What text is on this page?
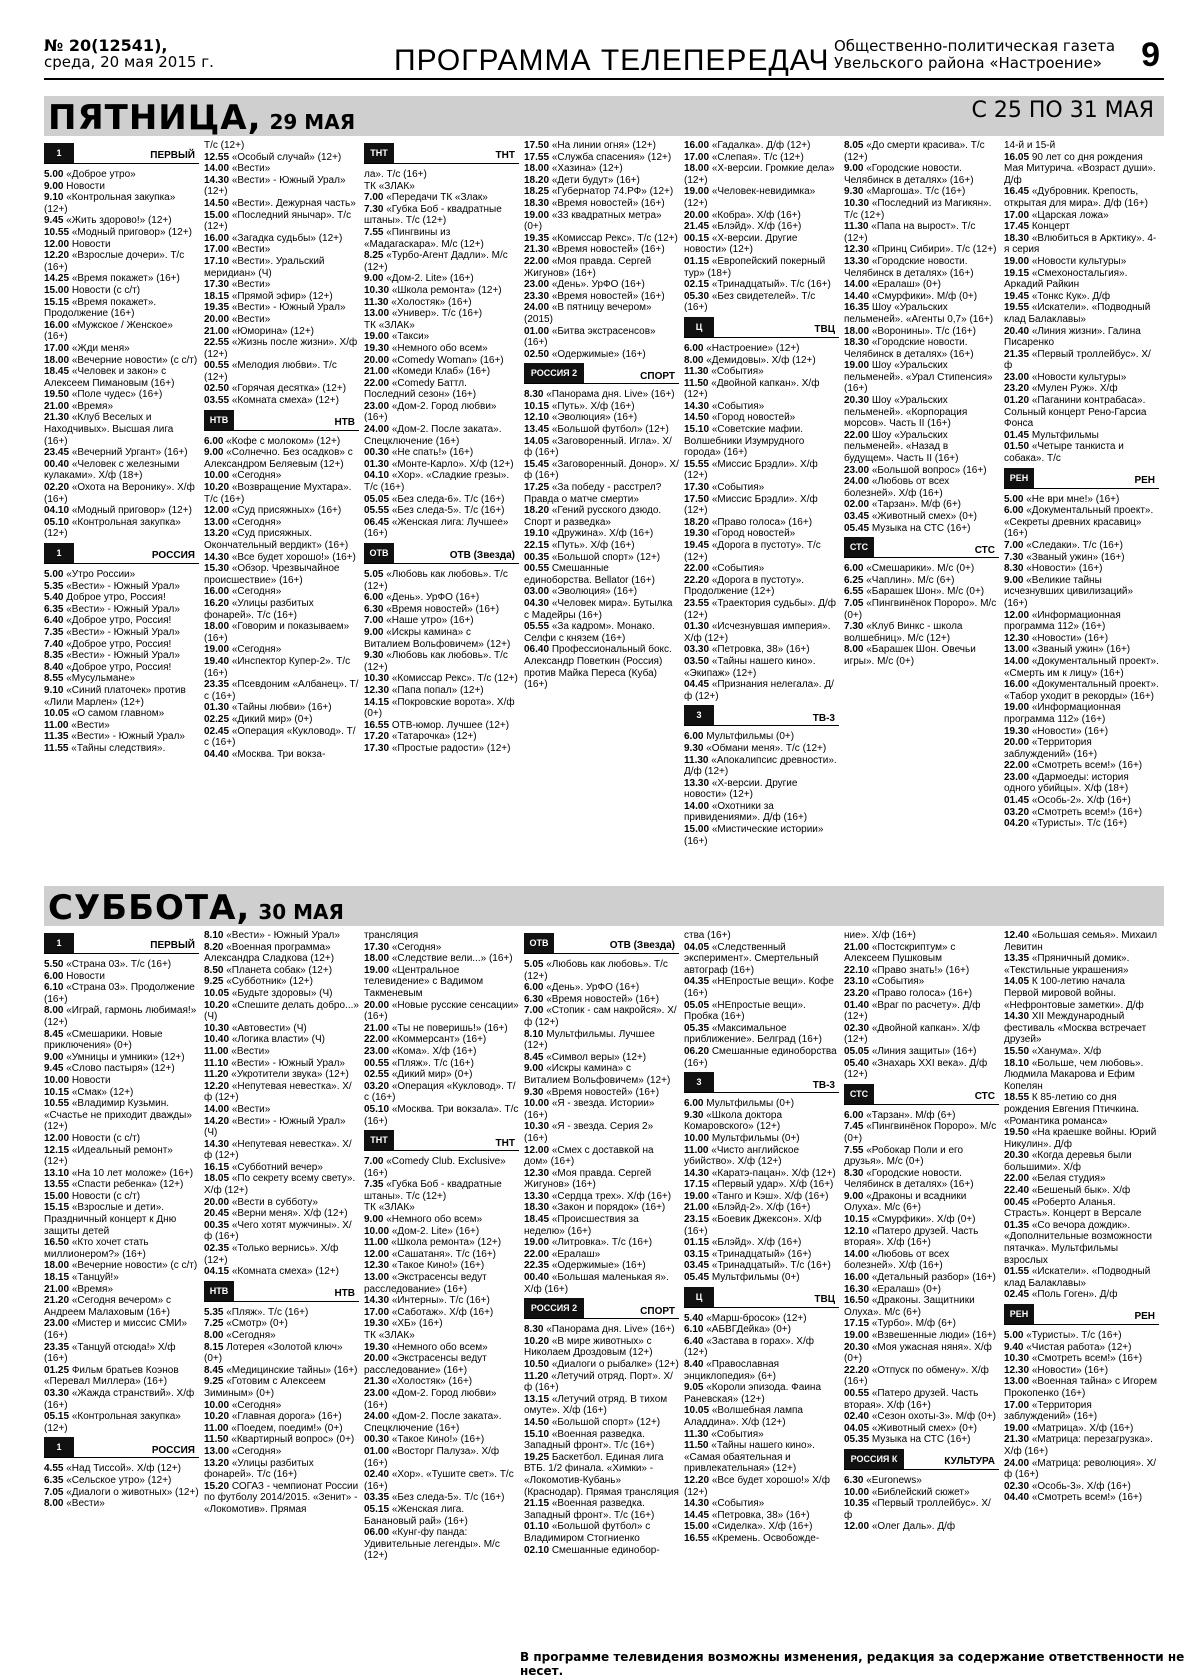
№ 20(12541),
среда, 20 мая 2015 г.	ПРОГРАММА ТЕЛЕПЕРЕДАЧ Общественно-политическая газета
Увельского района «Настроение»	9
ПЯТНИЦА, 29 МАЯ	С 25 ПО 31 МАЯ
1	ПЕРВЫЙ
5.00 «Доброе утро»
9.00 Новости
9.10 «Контрольная закупка» (12+)
9.45 «Жить здорово!» (12+)
10.55 «Модный приговор» (12+)
12.00 Новости
12.20 «Взрослые дочери». Т/с (16+)
14.25 «Время покажет» (16+)
15.00 Новости (с с/т)
15.15 «Время покажет». Продолжение (16+)
16.00 «Мужское / Женское» (16+)
17.00 «Жди меня»
18.00 «Вечерние новости» (с с/т)
18.45 «Человек и закон» с Алексеем Пимановым (16+)
19.50 «Поле чудес» (16+)
21.00 «Время»
21.30 «Клуб Веселых и Находчивых». Высшая лига (16+)
23.45 «Вечерний Ургант» (16+)
00.40 «Человек с железными кулаками». Х/ф (18+)
02.20 «Охота на Веронику». Х/ф (16+)
04.10 «Модный приговор» (12+)
05.10 «Контрольная закупка» (12+)
1	РОССИЯ
5.00 «Утро России»
5.35 «Вести» - Южный Урал»
5.40 Доброе утро, Россия!
6.35 «Вести» - Южный Урал»
6.40 «Доброе утро, Россия!
7.35 «Вести» - Южный Урал»
7.40 «Доброе утро, Россия!
8.35 «Вести» - Южный Урал»
8.40 «Доброе утро, Россия!
8.55 «Мусульмане»
9.10 «Синий платочек» против «Лили Марлен» (12+)
10.05 «О самом главном»
11.00 «Вести»
11.35 «Вести» - Южный Урал»
11.55 «Тайны следствия».
Т/с (12+)
12.55 «Особый случай» (12+)
14.00 «Вести»
14.30 «Вести» - Южный Урал» (12+)
14.50 «Вести». Дежурная часть»
15.00 «Последний янычар». Т/с (12+)
16.00 «Загадка судьбы» (12+)
17.00 «Вести»
17.10 «Вести». Уральский меридиан» (Ч)
17.30 «Вести»
18.15 «Прямой эфир» (12+)
19.35 «Вести» - Южный Урал»
20.00 «Вести»
21.00 «Юморина» (12+)
22.55 «Жизнь после жизни». Х/ф (12+)
00.55 «Мелодия любви». Т/с (12+)
02.50 «Горячая десятка» (12+)
03.55 «Комната смеха» (12+)
НТВ	НТВ
6.00 «Кофе с молоком» (12+)
9.00 «Солнечно. Без осадков» с Александром Беляевым (12+)
10.00 «Сегодня»
10.20 «Возвращение Мухтара». Т/с (16+)
12.00 «Суд присяжных» (16+)
13.00 «Сегодня»
13.20 «Суд присяжных. Окончательный вердикт» (16+)
14.30 «Все будет хорошо!» (16+)
15.30 «Обзор. Чрезвычайное происшествие» (16+)
16.00 «Сегодня»
16.20 «Улицы разбитых фонарей». Т/с (16+)
18.00 «Говорим и показываем» (16+)
19.00 «Сегодня»
19.40 «Инспектор Купер-2». Т/с (16+)
23.35 «Псевдоним «Албанец». Т/с (16+)
01.30 «Тайны любви» (16+)
02.25 «Дикий мир» (0+)
02.45 «Операция «Кукловод». Т/с (16+)
04.40 «Москва. Три вокза-
ТНТ	ТНТ
ла». Т/с (16+)
ТК «ЗЛАК»
7.00 «Передачи ТК «Злак»
7.30 «Губка Боб - квадратные штаны». Т/с (12+)
7.55 «Пингвины из «Мадагаскара». М/с (12+)
8.25 «Турбо-Агент Дадли». М/с (12+)
9.00 «Дом-2. Lite» (16+)
10.30 «Школа ремонта» (12+)
11.30 «Холостяк» (16+)
13.00 «Универ». Т/с (16+)
ТК «ЗЛАК»
19.00 «Такси»
19.30 «Немного обо всем»
20.00 «Comedy Woman» (16+)
21.00 «Комеди Клаб» (16+)
22.00 «Comedy Баттл. Последний сезон» (16+)
23.00 «Дом-2. Город любви» (16+)
24.00 «Дом-2. После заката». Спецключение (16+)
00.30 «Не спать!» (16+)
01.30 «Монте-Карло». Х/ф (12+)
04.10 «Хор». «Сладкие грезы». Т/с (16+)
05.05 «Без следа-6». Т/с (16+)
05.55 «Без следа-5». Т/с (16+)
06.45 «Женская лига: Лучшее» (16+)
ОТВ	ОТВ (Звезда)
5.05 «Любовь как любовь». Т/с (12+)
6.00 «День». УрФО (16+)
6.30 «Время новостей» (16+)
7.00 «Наше утро» (16+)
9.00 «Искры камина» с Виталием Вольфовичем» (12+)
9.30 «Любовь как любовь». Т/с (12+)
10.30 «Комиссар Рекс». Т/с (12+)
12.30 «Папа попал» (12+)
14.15 «Покровские ворота». Х/ф (0+)
16.55 ОТВ-юмор. Лучшее (12+)
17.20 «Татарочка» (12+)
17.30 «Простые радости» (12+)
17.50 «На линии огня» (12+)
17.55 «Служба спасения» (12+)
18.00 «Хазина» (12+)
18.20 «Дети будут» (16+)
18.25 «Губернатор 74.РФ» (12+)
18.30 «Время новостей» (16+)
19.00 «33 квадратных метра» (0+)
19.35 «Комиссар Рекс». Т/с (12+)
21.30 «Время новостей» (16+)
22.00 «Моя правда. Сергей Жигунов» (16+)
23.00 «День». УрФО (16+)
23.30 «Время новостей» (16+)
24.00 «В пятницу вечером» (2015)
01.00 «Битва экстрасенсов» (16+)
02.50 «Одержимые» (16+)
РОССИЯ 2	СПОРТ
8.30 «Панорама дня. Live» (16+)
10.15 «Путь». Х/ф (16+)
12.10 «Эволюция» (16+)
13.45 «Большой футбол» (12+)
14.05 «Заговоренный. Игла». Х/ф (16+)
15.45 «Заговоренный. Донор». Х/ф (16+)
17.25 «За победу - расстрел? Правда о матче смерти»
18.20 «Гений русского дзюдо. Спорт и разведка»
19.10 «Дружина». Х/ф (16+)
22.15 «Путь». Х/ф (16+)
00.35 «Большой спорт» (12+)
00.55 Смешанные единоборства. Bellator (16+)
03.00 «Эволюция» (16+)
04.30 «Человек мира». Бутылка с Мадейры (16+)
05.55 «За кадром». Монако. Селфи с князем (16+)
06.40 Профессиональный бокс. Александр Поветкин (Россия) против Майка Переса (Куба) (16+)
16.00 «Гадалка». Д/ф (12+)
17.00 «Слепая». Т/с (12+)
18.00 «Х-версии. Громкие дела» (12+)
19.00 «Человек-невидимка» (12+)
20.00 «Кобра». Х/ф (16+)
21.45 «Блэйд». Х/ф (16+)
00.15 «Х-версии. Другие новости» (12+)
01.15 «Европейский покерный тур» (18+)
02.15 «Тринадцатый». Т/с (16+)
05.30 «Без свидетелей». Т/с (16+)
Ц	ТВЦ
6.00 «Настроение» (12+)
8.00 «Демидовы». Х/ф (12+)
11.30 «События»
11.50 «Двойной капкан». Х/ф (12+)
14.30 «События»
14.50 «Город новостей»
15.10 «Советские мафии. Волшебники Изумрудного города» (16+)
15.55 «Миссис Брэдли». Х/ф (12+)
17.30 «События»
17.50 «Миссис Брэдли». Х/ф (12+)
18.20 «Право голоса» (16+)
19.30 «Город новостей»
19.45 «Дорога в пустоту». Т/с (12+)
22.00 «События»
22.20 «Дорога в пустоту». Продолжение (12+)
23.55 «Траектория судьбы». Д/ф (12+)
01.30 «Исчезнувшая империя». Х/ф (12+)
03.30 «Петровка, 38» (16+)
03.50 «Тайны нашего кино». «Экипаж» (12+)
04.45 «Признания нелегала». Д/ф (12+)
3	ТВ-3
6.00 Мультфильмы (0+)
9.30 «Обмани меня». Т/с (12+)
11.30 «Апокалипсис древности». Д/ф (12+)
13.30 «Х-версии. Другие новости» (12+)
14.00 «Охотники за привидениями». Д/ф (16+)
15.00 «Мистические истории» (16+)
8.05 «До смерти красива». Т/с (12+)
9.00 «Городские новости. Челябинск в деталях» (16+)
9.30 «Маргоша». Т/с (16+)
10.30 «Последний из Магикян». Т/с (12+)
11.30 «Папа на вырост». Т/с (12+)
12.30 «Принц Сибири». Т/с (12+)
13.30 «Городские новости. Челябинск в деталях» (16+)
14.00 «Ералаш» (0+)
14.40 «Смурфики». М/ф (0+)
16.35 Шоу «Уральских пельменей». «Агенты 0,7» (16+)
18.00 «Воронины». Т/с (16+)
18.30 «Городские новости. Челябинск в деталях» (16+)
19.00 Шоу «Уральских пельменей». «Урал Стипенсия» (16+)
20.30 Шоу «Уральских пельменей». «Корпорация морсов». Часть II (16+)
22.00 Шоу «Уральских пельменей». «Назад в будущем». Часть II (16+)
23.00 «Большой вопрос» (16+)
24.00 «Любовь от всех болезней». Х/ф (16+)
02.00 «Тарзан». М/ф (6+)
03.45 «Животный смех» (0+)
05.45 Музыка на СТС (16+)
СТС	СТС
6.00 «Смешарики». М/с (0+)
6.25 «Чаплин». М/с (6+)
6.55 «Барашек Шон». М/с (0+)
7.05 «Пингвинёнок Пороро». М/с (0+)
7.30 «Клуб Винкс - школа волшебниц». М/с (12+)
8.00 «Барашек Шон. Овечьи игры». М/с (0+)
14-й и 15-й
16.05 90 лет со дня рождения Мая Митурича. «Возраст души». Д/ф
16.45 «Дубровник. Крепость, открытая для мира». Д/ф (16+)
17.00 «Царская ложа»
17.45 Концерт
18.30 «Влюбиться в Арктику». 4-я серия
19.00 «Новости культуры»
19.15 «Смехоностальгия». Аркадий Райкин
19.45 «Тонкс Кук». Д/ф
19.55 «Искатели». «Подводный клад Балаклавы»
20.40 «Линия жизни». Галина Писаренко
21.35 «Первый троллейбус». Х/ф
23.00 «Новости культуры»
23.20 «Мулен Руж». Х/ф
01.20 «Паганини контрабаса». Сольный концерт Рено-Гарсиа Фонса
01.45 Мультфильмы
01.50 «Четыре танкиста и собака». Т/с
РЕН	РЕН
5.00 «Не ври мне!» (16+)
6.00 «Документальный проект». «Секреты древних красавиц» (16+)
7.00 «Следаки». Т/с (16+)
7.30 «Званый ужин» (16+)
8.30 «Новости» (16+)
9.00 «Великие тайны исчезнувших цивилизаций» (16+)
12.00 «Информационная программа 112» (16+)
12.30 «Новости» (16+)
13.00 «Званый ужин» (16+)
14.00 «Документальный проект». «Смерть им к лицу» (16+)
16.00 «Документальный проект». «Табор уходит в рекорды» (16+)
19.00 «Информационная программа 112» (16+)
19.30 «Новости» (16+)
20.00 «Территория заблуждений» (16+)
22.00 «Смотреть всем!» (16+)
23.00 «Дармоеды: история одного убийцы». Х/ф (18+)
01.45 «Особь-2». Х/ф (16+)
03.20 «Смотреть всем!» (16+)
04.20 «Туристы». Т/с (16+)
СУББОТА, 30 МАЯ
1	ПЕРВЫЙ
5.50 «Страна 03». Т/с (16+)
6.00 Новости
6.10 «Страна 03». Продолжение (16+)
8.00 «Играй, гармонь любимая!» (12+)
8.45 «Смешарики. Новые приключения» (0+)
9.00 «Умницы и умники» (12+)
9.45 «Слово пастыря» (12+)
10.00 Новости
10.15 «Смак» (12+)
10.55 «Владимир Кузьмин. «Счастье не приходит дважды» (12+)
12.00 Новости (с с/т)
12.15 «Идеальный ремонт» (12+)
13.10 «На 10 лет моложе» (16+)
13.55 «Спасти ребенка» (12+)
15.00 Новости (с с/т)
15.15 «Взрослые и дети». Праздничный концерт к Дню защиты детей
16.50 «Кто хочет стать миллионером?» (16+)
18.00 «Вечерние новости» (с с/т)
18.15 «Танцуй!»
21.00 «Время»
21.20 «Сегодня вечером» с Андреем Малаховым (16+)
23.00 «Мистер и миссис СМИ» (16+)
23.35 «Танцуй отсюда!» Х/ф (16+)
01.25 Фильм братьев Коэнов «Перевал Миллера» (16+)
03.30 «Жажда странствий». Х/ф (16+)
05.15 «Контрольная закупка» (12+)
1	РОССИЯ
4.55 «Над Тиссой». Х/ф (12+)
6.35 «Сельское утро» (12+)
7.05 «Диалоги о животных» (12+)
8.00 «Вести»
8.10 «Вести» - Южный Урал»
8.20 «Военная программа» Александра Сладкова (12+)
8.50 «Планета собак» (12+)
9.25 «Субботник» (12+)
10.05 «Будьте здоровы» (Ч)
10.20 «Спешите делать добро...» (Ч)
10.30 «Автовести» (Ч)
10.40 «Логика власти» (Ч)
11.00 «Вести»
11.10 «Вести» - Южный Урал»
11.20 «Укротители звука» (12+)
12.20 «Непутевая невестка». Х/ф (12+)
14.00 «Вести»
14.20 «Вести» - Южный Урал» (Ч)
14.30 «Непутевая невестка». Х/ф (12+)
16.15 «Субботний вечер»
18.05 «По секрету всему свету». Х/ф (12+)
20.00 «Вести в субботу»
20.45 «Верни меня». Х/ф (12+)
00.35 «Чего хотят мужчины». Х/ф (16+)
02.35 «Только вернись». Х/ф (12+)
04.15 «Комната смеха» (12+)
НТВ	НТВ
5.35 «Пляж». Т/с (16+)
7.25 «Смотр» (0+)
8.00 «Сегодня»
8.15 Лотерея «Золотой ключ» (0+)
8.45 «Медицинские тайны» (16+)
9.25 «Готовим с Алексеем Зиминым» (0+)
10.00 «Сегодня»
10.20 «Главная дорога» (16+)
11.00 «Поедем, поедим!» (0+)
11.50 «Квартирный вопрос» (0+)
13.00 «Сегодня»
13.20 «Улицы разбитых фонарей». Т/с (16+)
15.20 СОГАЗ - чемпионат России по футболу 2014/2015. «Зенит» - «Локомотив». Прямая
трансляция
17.30 «Сегодня»
18.00 «Следствие вели...» (16+)
19.00 «Центральное телевидение» с Вадимом Такменевым
20.00 «Новые русские сенсации» (16+)
21.00 «Ты не поверишь!» (16+)
22.00 «Коммерсант» (16+)
23.00 «Кома». Х/ф (16+)
00.55 «Пляж». Т/с (16+)
02.55 «Дикий мир» (0+)
03.20 «Операция «Кукловод». Т/с (16+)
05.10 «Москва. Три вокзала». Т/с (16+)
ТНТ	ТНТ
7.00 «Comedy Club. Exclusive» (16+)
7.35 «Губка Боб - квадратные штаны». Т/с (12+)
ТК «ЗЛАК»
9.00 «Немного обо всем»
10.00 «Дом-2. Lite» (16+)
11.00 «Школа ремонта» (12+)
12.00 «Сашатаня». Т/с (16+)
12.30 «Такое Кино!» (16+)
13.00 «Экстрасенсы ведут расследование» (16+)
14.30 «Интерны». Т/с (16+)
17.00 «Саботаж». Х/ф (16+)
19.30 «ХБ» (16+)
ТК «ЗЛАК»
19.30 «Немного обо всем»
20.00 «Экстрасенсы ведут расследование» (16+)
21.30 «Холостяк» (16+)
23.00 «Дом-2. Город любви» (16+)
24.00 «Дом-2. После заката». Спецключение (16+)
00.30 «Такое Кино!» (16+)
01.00 «Восторг Палуза». Х/ф (16+)
02.40 «Хор». «Тушите свет». Т/с (16+)
03.35 «Без следа-5». Т/с (16+)
05.15 «Женская лига. Банановый рай» (16+)
06.00 «Кунг-фу панда: Удивительные легенды». М/с (12+)
ОТВ	ОТВ (Звезда)
5.05 «Любовь как любовь». Т/с (12+)
6.00 «День». УрФО (16+)
6.30 «Время новостей» (16+)
7.00 «Стопик - сам накройся». Х/ф (12+)
8.10 Мультфильмы. Лучшее (12+)
8.45 «Символ веры» (12+)
9.00 «Искры камина» с Виталием Вольфовичем» (12+)
9.30 «Время новостей» (16+)
10.00 «Я - звезда. Истории» (16+)
10.30 «Я - звезда. Серия 2» (16+)
12.00 «Смех с доставкой на дом» (16+)
12.30 «Моя правда. Сергей Жигунов» (16+)
13.30 «Сердца трех». Х/ф (16+)
18.30 «Закон и порядок» (16+)
18.45 «Происшествия за неделю» (16+)
19.00 «Литровка». Т/с (16+)
22.00 «Ералаш»
22.35 «Одержимые» (16+)
00.40 «Большая маленькая я». Х/ф (16+)
РОССИЯ 2	СПОРТ
8.30 «Панорама дня. Live» (16+)
10.20 «В мире животных» с Николаем Дроздовым (12+)
10.50 «Диалоги о рыбалке» (12+)
11.20 «Летучий отряд. Порт». Х/ф (16+)
13.15 «Летучий отряд. В тихом омуте». Х/ф (16+)
14.50 «Большой спорт» (12+)
15.10 «Военная разведка. Западный фронт». Т/с (16+)
19.25 Баскетбол. Единая лига ВТБ. 1/2 финала. «Химки» - «Локомотив-Кубань» (Краснодар). Прямая трансляция
21.15 «Военная разведка. Западный фронт». Т/с (16+)
01.10 «Большой футбол» с Владимиром Стогниенко
02.10 Смешанные единобор-
ства (16+)
04.05 «Следственный эксперимент». Смертельный автограф (16+)
04.35 «НЕпростые вещи». Кофе (16+)
05.05 «НЕпростые вещи». Пробка (16+)
05.35 «Максимальное приближение». Белград (16+)
06.20 Смешанные единоборства (16+)
3	ТВ-3
6.00 Мультфильмы (0+)
9.30 «Школа доктора Комаровского» (12+)
10.00 Мультфильмы (0+)
11.00 «Чисто английское убийство». Х/ф (12+)
14.30 «Каратэ-пацан». Х/ф (12+)
17.15 «Первый удар». Х/ф (16+)
19.00 «Танго и Кэш». Х/ф (16+)
21.00 «Блэйд-2». Х/ф (16+)
23.15 «Боевик Джексон». Х/ф (16+)
01.15 «Блэйд». Х/ф (16+)
03.15 «Тринадцатый» (16+)
03.45 «Тринадцатый». Т/с (16+)
05.45 Мультфильмы (0+)
Ц	ТВЦ
5.40 «Марш-бросок» (12+)
6.10 «АБВГДейка» (0+)
6.40 «Застава в горах». Х/ф (12+)
8.40 «Православная энциклопедия» (6+)
9.05 «Короли эпизода. Фаина Раневская» (12+)
10.05 «Волшебная лампа Аладдина». Х/ф (12+)
11.30 «События»
11.50 «Тайны нашего кино». «Самая обаятельная и привлекательная» (12+)
12.20 «Все будет хорошо!» Х/ф (12+)
14.30 «События»
14.45 «Петровка, 38» (16+)
15.00 «Сиделка». Х/ф (16+)
16.55 «Кремень. Освобожде-
ние». Х/ф (16+)
21.00 «Постскриптум» с Алексеем Пушковым
22.10 «Право знать!» (16+)
23.10 «События»
23.20 «Право голоса» (16+)
01.40 «Враг по расчету». Д/ф (12+)
02.30 «Двойной капкан». Х/ф (12+)
05.05 «Линия защиты» (16+)
05.40 «Знахарь XXI века». Д/ф (12+)
СТС	СТС
6.00 «Тарзан». М/ф (6+)
7.45 «Пингвинёнок Пороро». М/с (0+)
7.55 «Робокар Поли и его друзья». М/с (0+)
8.30 «Городские новости. Челябинск в деталях» (16+)
9.00 «Драконы и всадники Олуха». М/с (6+)
10.15 «Смурфики». Х/ф (0+)
12.10 «Патеро друзей. Часть вторая». Х/ф (16+)
14.00 «Любовь от всех болезней». Х/ф (16+)
16.00 «Детальный разбор» (16+)
16.30 «Ералаш» (0+)
16.50 «Драконы. Защитники Олуха». М/с (6+)
17.15 «Турбо». М/ф (6+)
19.00 «Взвешенные люди» (16+)
20.30 «Моя ужасная няня». Х/ф (0+)
22.20 «Отпуск по обмену». Х/ф (16+)
00.55 «Патеро друзей. Часть вторая». Х/ф (16+)
02.40 «Сезон охоты-3». М/ф (0+)
04.05 «Животный смех» (0+)
05.35 Музыка на СТС (16+)
РОССИЯ К	КУЛЬТУРА
6.30 «Euronews»
10.00 «Библейский сюжет»
10.35 «Первый троллейбус». Х/ф
12.00 «Олег Даль». Д/ф
12.40 «Большая семья». Михаил Левитин
13.35 «Пряничный домик». «Текстильные украшения»
14.05 К 100-летию начала Первой мировой войны. «Нефронтовые заметки». Д/ф
14.30 XII Международный фестиваль «Москва встречает друзей»
15.50 «Ханума». Х/ф
18.10 «Больше, чем любовь». Людмила Макарова и Ефим Копелян
18.55 К 85-летию со дня рождения Евгения Птичкина. «Романтика романса»
19.50 «На краешке войны. Юрий Никулин». Д/ф
20.30 «Когда деревья были большими». Х/ф
22.00 «Белая студия»
22.40 «Бешеный бык». Х/ф
00.45 «Роберто Аланья. Страсть». Концерт в Версале
01.35 «Со вечора дождик». «Дополнительные возможности пятачка». Мультфильмы взрослых
01.55 «Искатели». «Подводный клад Балаклавы»
02.45 «Поль Гоген». Д/ф
РЕН	РЕН
5.00 «Туристы». Т/с (16+)
9.40 «Чистая работа» (12+)
10.30 «Смотреть всем!» (16+)
12.30 «Новости» (16+)
13.00 «Военная тайна» с Игорем Прокопенко (16+)
17.00 «Территория заблуждений» (16+)
19.00 «Матрица». Х/ф (16+)
21.30 «Матрица: перезагрузка». Х/ф (16+)
24.00 «Матрица: революция». Х/ф (16+)
02.30 «Особь-3». Х/ф (16+)
04.40 «Смотреть всем!» (16+)
В программе телевидения возможны изменения, редакция за содержание ответственности не несет.
